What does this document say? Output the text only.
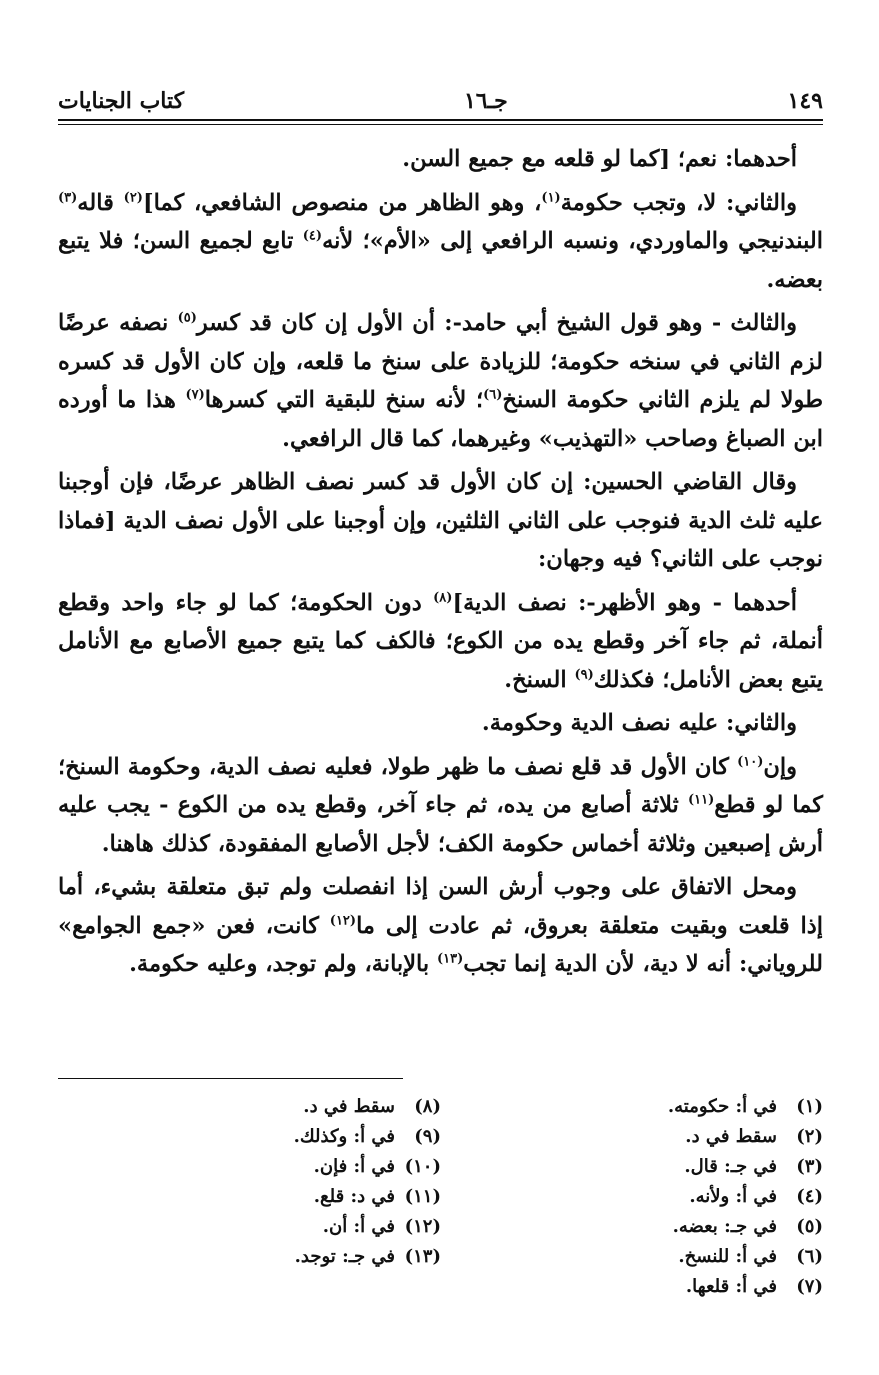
كتاب الجنايات	جـ١٦	١٤٩

أحدهما: نعم؛ [كما لو قلعه مع جميع السن.

والثاني: لا، وتجب حكومة$^{(١)}$، وهو الظاهر من منصوص الشافعي، كما]$^{(٢)}$ قاله$^{(٣)}$ البندنيجي والماوردي، ونسبه الرافعي إلى «الأم»؛ لأنه$^{(٤)}$ تابع لجميع السن؛ فلا يتبع بعضه.

والثالث - وهو قول الشيخ أبي حامد-: أن الأول إن كان قد كسر$^{(٥)}$ نصفه عرضًا لزم الثاني في سنخه حكومة؛ للزيادة على سنخ ما قلعه، وإن كان الأول قد كسره طولا لم يلزم الثاني حكومة السنخ$^{(٦)}$؛ لأنه سنخ للبقية التي كسرها$^{(٧)}$ هذا ما أورده ابن الصباغ وصاحب «التهذيب» وغيرهما، كما قال الرافعي.

وقال القاضي الحسين: إن كان الأول قد كسر نصف الظاهر عرضًا، فإن أوجبنا عليه ثلث الدية فنوجب على الثاني الثلثين، وإن أوجبنا على الأول نصف الدية [فماذا نوجب على الثاني؟ فيه وجهان:

أحدهما - وهو الأظهر-: نصف الدية]$^{(٨)}$ دون الحكومة؛ كما لو جاء واحد وقطع أنملة، ثم جاء آخر وقطع يده من الكوع؛ فالكف كما يتبع جميع الأصابع مع الأنامل يتبع بعض الأنامل؛ فكذلك$^{(٩)}$ السنخ.

والثاني: عليه نصف الدية وحكومة.

وإن$^{(١٠)}$ كان الأول قد قلع نصف ما ظهر طولا، فعليه نصف الدية، وحكومة السنخ؛ كما لو قطع$^{(١١)}$ ثلاثة أصابع من يده، ثم جاء آخر، وقطع يده من الكوع - يجب عليه أرش إصبعين وثلاثة أخماس حكومة الكف؛ لأجل الأصابع المفقودة، كذلك هاهنا.

ومحل الاتفاق على وجوب أرش السن إذا انفصلت ولم تبق متعلقة بشيء، أما إذا قلعت وبقيت متعلقة بعروق، ثم عادت إلى ما$^{(١٢)}$ كانت، فعن «جمع الجوامع» للروياني: أنه لا دية، لأن الدية إنما تجب$^{(١٣)}$ بالإبانة، ولم توجد، وعليه حكومة.

(١)في أ: حكومته.
(٢)سقط في د.
(٣)في جـ: قال.
(٤)في أ: ولأنه.
(٥)في جـ: بعضه.
(٦)في أ: للنسخ.
(٧)في أ: قلعها.
(٨)سقط في د.
(٩)في أ: وكذلك.
(١٠)في أ: فإن.
(١١)في د: قلع.
(١٢)في أ: أن.
(١٣)في جـ: توجد.
